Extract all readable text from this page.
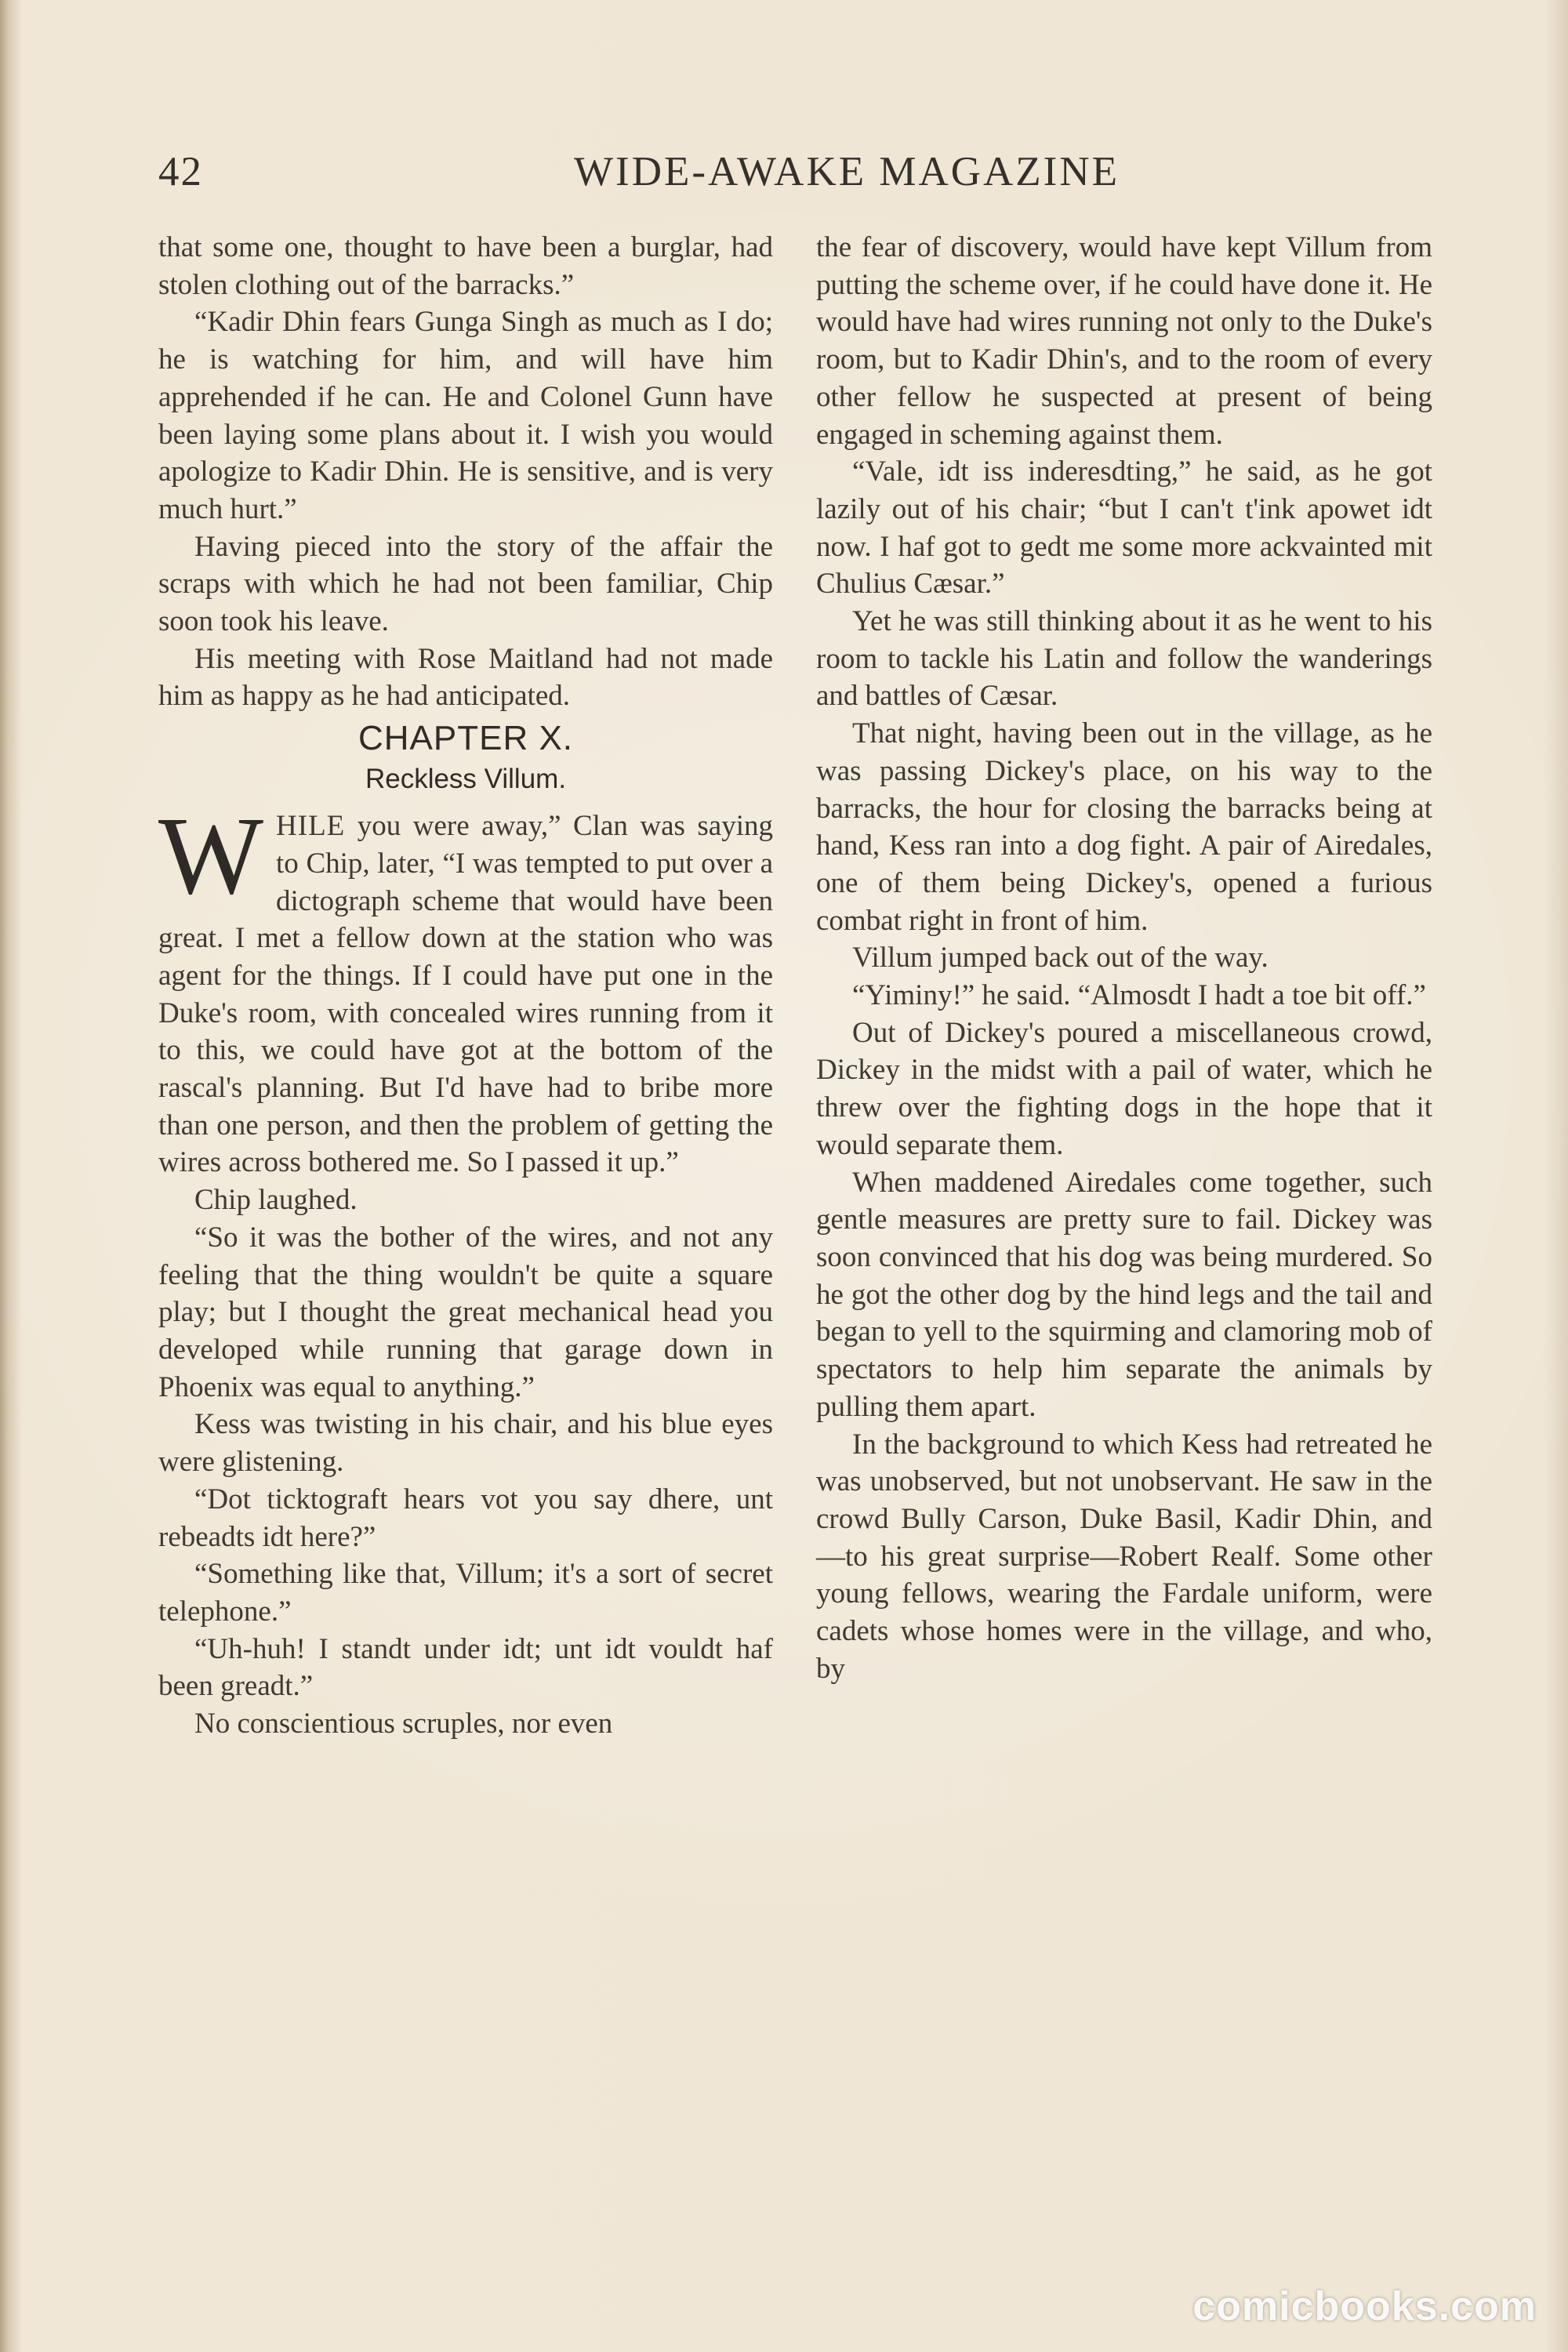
42	WIDE-AWAKE MAGAZINE

that some one, thought to have been a burglar, had stolen clothing out of the barracks.”

“Kadir Dhin fears Gunga Singh as much as I do; he is watching for him, and will have him apprehended if he can. He and Colonel Gunn have been laying some plans about it. I wish you would apologize to Kadir Dhin. He is sensitive, and is very much hurt.”

Having pieced into the story of the affair the scraps with which he had not been familiar, Chip soon took his leave.

His meeting with Rose Maitland had not made him as happy as he had anticipated.

CHAPTER X.
Reckless Villum.

WHILE you were away,” Clan was saying to Chip, later, “I was tempted to put over a dictograph scheme that would have been great. I met a fellow down at the station who was agent for the things. If I could have put one in the Duke's room, with concealed wires running from it to this, we could have got at the bottom of the rascal's planning. But I'd have had to bribe more than one person, and then the problem of getting the wires across bothered me. So I passed it up.”

Chip laughed.

“So it was the bother of the wires, and not any feeling that the thing wouldn't be quite a square play; but I thought the great mechanical head you developed while running that garage down in Phoenix was equal to anything.”

Kess was twisting in his chair, and his blue eyes were glistening.

“Dot ticktograft hears vot you say dhere, unt rebeadts idt here?”

“Something like that, Villum; it's a sort of secret telephone.”

“Uh-huh! I standt under idt; unt idt vouldt haf been greadt.”

No conscientious scruples, nor even

the fear of discovery, would have kept Villum from putting the scheme over, if he could have done it. He would have had wires running not only to the Duke's room, but to Kadir Dhin's, and to the room of every other fellow he suspected at present of being engaged in scheming against them.

“Vale, idt iss inderesdting,” he said, as he got lazily out of his chair; “but I can't t'ink apowet idt now. I haf got to gedt me some more ackvainted mit Chulius Cæsar.”

Yet he was still thinking about it as he went to his room to tackle his Latin and follow the wanderings and battles of Cæsar.

That night, having been out in the village, as he was passing Dickey's place, on his way to the barracks, the hour for closing the barracks being at hand, Kess ran into a dog fight. A pair of Airedales, one of them being Dickey's, opened a furious combat right in front of him.

Villum jumped back out of the way.

“Yiminy!” he said. “Almosdt I hadt a toe bit off.”

Out of Dickey's poured a miscellaneous crowd, Dickey in the midst with a pail of water, which he threw over the fighting dogs in the hope that it would separate them.

When maddened Airedales come together, such gentle measures are pretty sure to fail. Dickey was soon convinced that his dog was being murdered. So he got the other dog by the hind legs and the tail and began to yell to the squirming and clamoring mob of spectators to help him separate the animals by pulling them apart.

In the background to which Kess had retreated he was unobserved, but not unobservant. He saw in the crowd Bully Carson, Duke Basil, Kadir Dhin, and —to his great surprise—Robert Realf. Some other young fellows, wearing the Fardale uniform, were cadets whose homes were in the village, and who, by

comicbooks.com
